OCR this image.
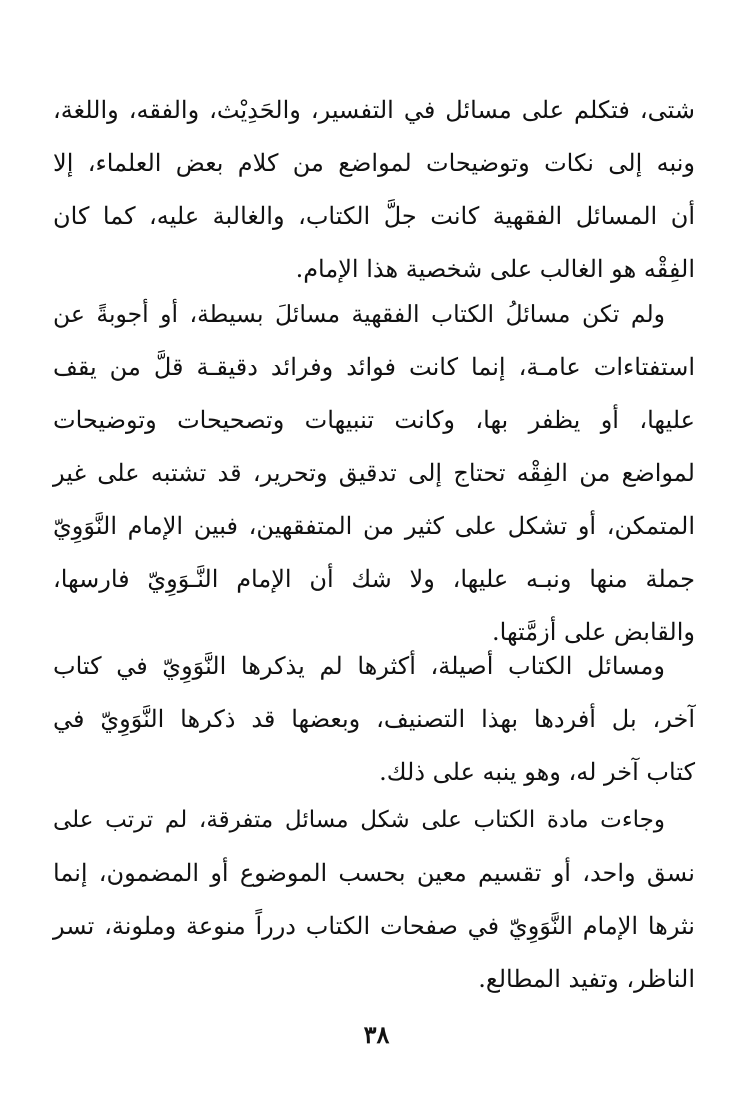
شتى، فتكلم على مسائل في التفسير، والحَدِيْث، والفقه، واللغة،
ونبه إلى نكات وتوضيحات لمواضع من كلام بعض العلماء، إلا
أن المسائل الفقهية كانت جلَّ الكتاب، والغالبة عليه، كما كان
الفِقْه هو الغالب على شخصية هذا الإمام.
ولم تكن مسائلُ الكتاب الفقهية مسائلَ بسيطة، أو أجوبةً عن
استفتاءات عامـة، إنما كانت فوائد وفرائد دقيقـة قلَّ من يقف
عليها، أو يظفر بها، وكانت تنبيهات وتصحيحات وتوضيحات
لمواضع من الفِقْه تحتاج إلى تدقيق وتحرير، قد تشتبه على غير
المتمكن، أو تشكل على كثير من المتفقهين، فبين الإمام النَّوَوِيّ
جملة منها ونبـه عليها، ولا شك أن الإمام النَّـوَوِيّ فارسها،
والقابض على أزمَّتها.
ومسائل الكتاب أصيلة، أكثرها لم يذكرها النَّوَوِيّ في كتاب
آخر، بل أفردها بهذا التصنيف، وبعضها قد ذكرها النَّوَوِيّ في
كتاب آخر له، وهو ينبه على ذلك.
وجاءت مادة الكتاب على شكل مسائل متفرقة، لم ترتب على
نسق واحد، أو تقسيم معين بحسب الموضوع أو المضمون، إنما
نثرها الإمام النَّوَوِيّ في صفحات الكتاب درراً منوعة وملونة، تسر
الناظر، وتفيد المطالع.
٣٨
